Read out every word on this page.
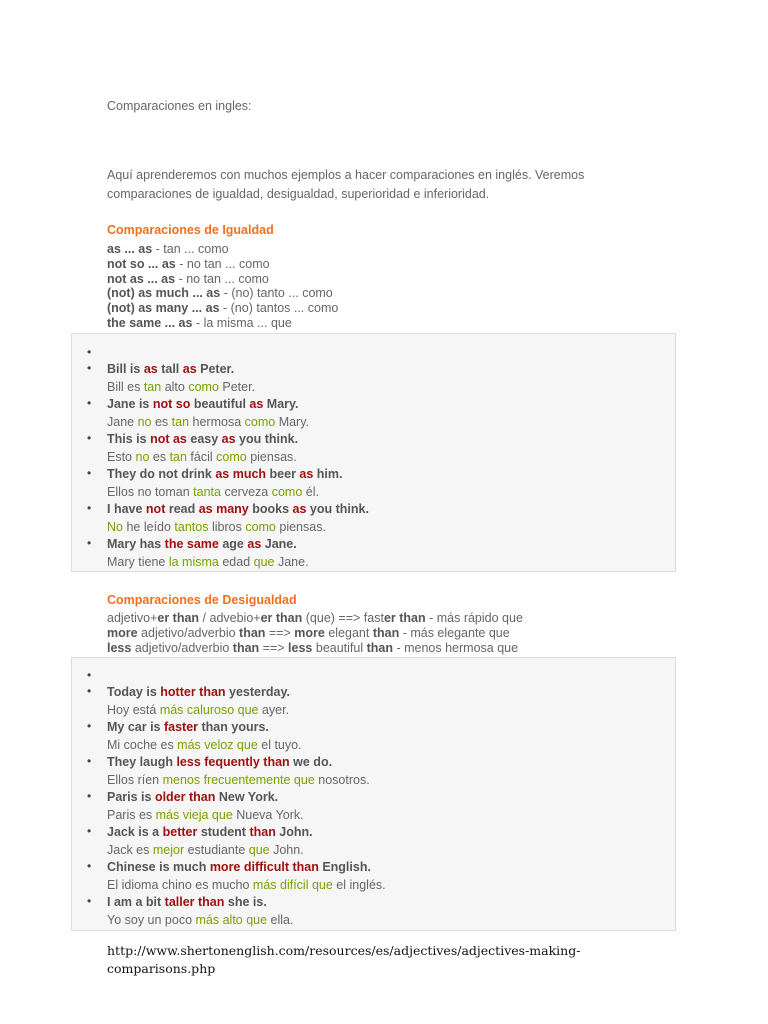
Comparaciones en ingles:
Aquí aprenderemos con muchos ejemplos a hacer comparaciones en inglés. Veremos comparaciones de igualdad, desigualdad, superioridad e inferioridad.
Comparaciones de Igualdad
as ... as - tan ... como
not so ... as - no tan ... como
not as ... as - no tan ... como
(not) as much ... as - (no) tanto ... como
(not) as many ... as - (no) tantos ... como
the same ... as - la misma ... que
•
• Bill is as tall as Peter.
Bill es tan alto como Peter.
• Jane is not so beautiful as Mary.
Jane no es tan hermosa como Mary.
• This is not as easy as you think.
Esto no es tan fácil como piensas.
• They do not drink as much beer as him.
Ellos no toman tanta cerveza como él.
• I have not read as many books as you think.
No he leído tantos libros como piensas.
• Mary has the same age as Jane.
Mary tiene la misma edad que Jane.
Comparaciones de Desigualdad
adjetivo+er than / advebio+er than (que) ==> faster than - más rápido que
more adjetivo/adverbio than ==> more elegant than - más elegante que
less adjetivo/adverbio than ==> less beautiful than - menos hermosa que
•
• Today is hotter than yesterday.
Hoy está más caluroso que ayer.
• My car is faster than yours.
Mi coche es más veloz que el tuyo.
• They laugh less fequently than we do.
Ellos ríen menos frecuentemente que nosotros.
• Paris is older than New York.
Paris es más vieja que Nueva York.
• Jack is a better student than John.
Jack es mejor estudiante que John.
• Chinese is much more difficult than English.
El idioma chino es mucho más difícil que el inglés.
• I am a bit taller than she is.
Yo soy un poco más alto que ella.
http://www.shertonenglish.com/resources/es/adjectives/adjectives-making-comparisons.php
